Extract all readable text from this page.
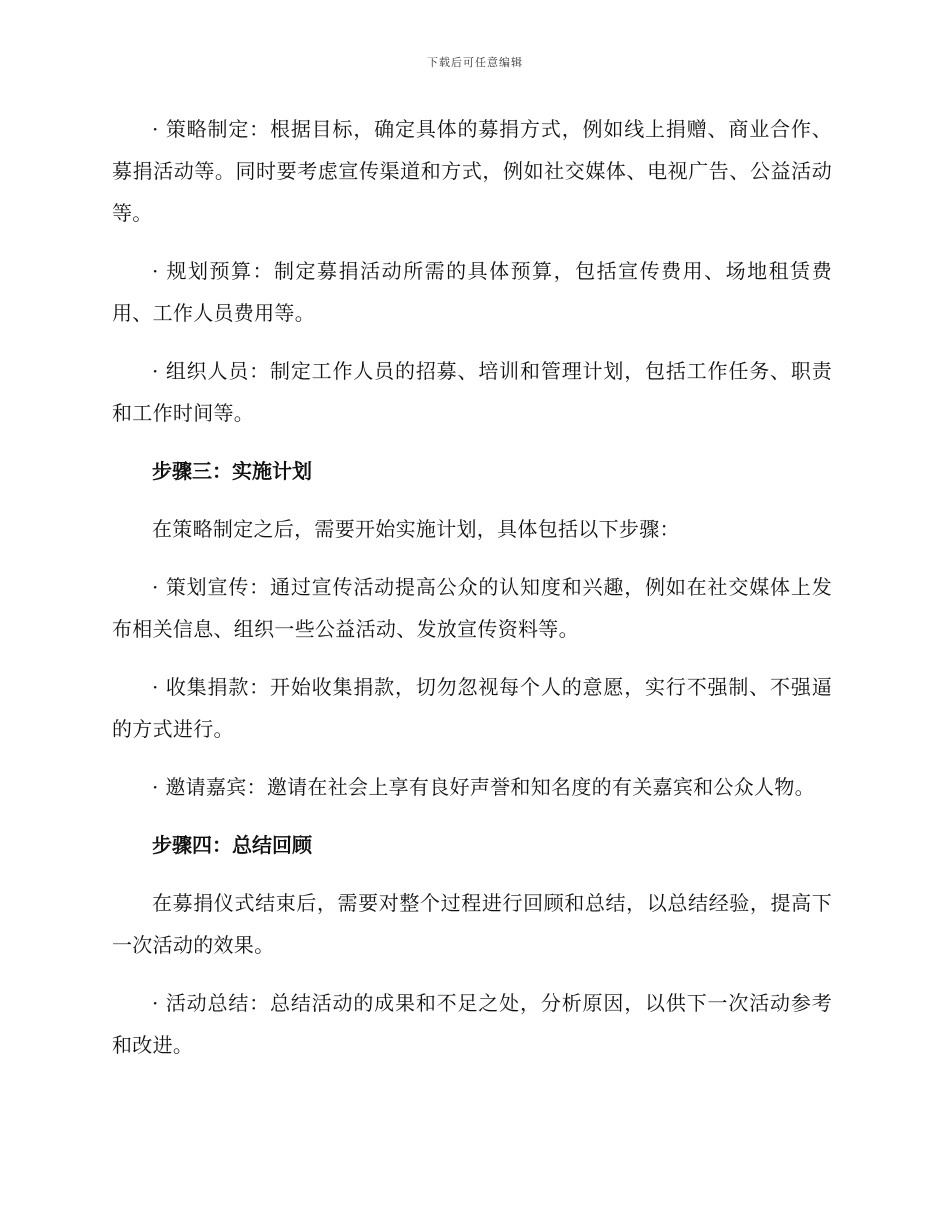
下载后可任意编辑

· 策略制定：根据目标，确定具体的募捐方式，例如线上捐赠、商业合作、募捐活动等。同时要考虑宣传渠道和方式，例如社交媒体、电视广告、公益活动等。

· 规划预算：制定募捐活动所需的具体预算，包括宣传费用、场地租赁费用、工作人员费用等。

· 组织人员：制定工作人员的招募、培训和管理计划，包括工作任务、职责和工作时间等。

步骤三：实施计划

在策略制定之后，需要开始实施计划，具体包括以下步骤：

· 策划宣传：通过宣传活动提高公众的认知度和兴趣，例如在社交媒体上发布相关信息、组织一些公益活动、发放宣传资料等。

· 收集捐款：开始收集捐款，切勿忽视每个人的意愿，实行不强制、不强逼的方式进行。

· 邀请嘉宾：邀请在社会上享有良好声誉和知名度的有关嘉宾和公众人物。

步骤四：总结回顾

在募捐仪式结束后，需要对整个过程进行回顾和总结，以总结经验，提高下一次活动的效果。

· 活动总结：总结活动的成果和不足之处，分析原因，以供下一次活动参考和改进。
